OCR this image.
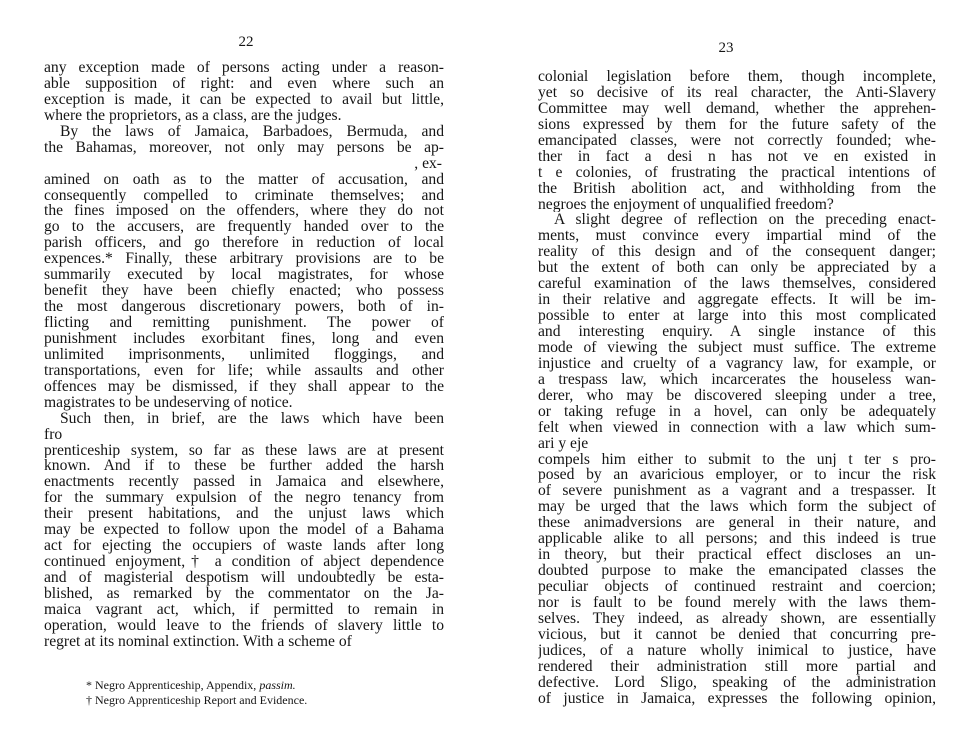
22
any exception made of persons acting under a reason-
able supposition of right: and even where such an
exception is made, it can be expected to avail but little,
where the proprietors, as a class, are the judges.
By the laws of Jamaica, Barbadoes, Bermuda, and
the Bahamas, moreover, not only may persons be ap-
, ex-
amined on oath as to the matter of accusation, and
consequently compelled to criminate themselves; and
the fines imposed on the offenders, where they do not
go to the accusers, are frequently handed over to the
parish officers, and go therefore in reduction of local
expences.* Finally, these arbitrary provisions are to be
summarily executed by local magistrates, for whose
benefit they have been chiefly enacted; who possess
the most dangerous discretionary powers, both of in-
flicting and remitting punishment. The power of
punishment includes exorbitant fines, long and even
unlimited imprisonments, unlimited floggings, and
transportations, even for life; while assaults and other
offences may be dismissed, if they shall appear to the
magistrates to be undeserving of notice.
Such then, in brief, are the laws which have been
fro
prenticeship system, so far as these laws are at present
known. And if to these be further added the harsh
enactments recently passed in Jamaica and elsewhere,
for the summary expulsion of the negro tenancy from
their present habitations, and the unjust laws which
may be expected to follow upon the model of a Bahama
act for ejecting the occupiers of waste lands after long
continued enjoyment,† a condition of abject dependence
and of magisterial despotism will undoubtedly be esta-
blished, as remarked by the commentator on the Ja-
maica vagrant act, which, if permitted to remain in
operation, would leave to the friends of slavery little to
regret at its nominal extinction. With a scheme of
* Negro Apprenticeship, Appendix, passim.
† Negro Apprenticeship Report and Evidence.
23
colonial legislation before them, though incomplete,
yet so decisive of its real character, the Anti-Slavery
Committee may well demand, whether the apprehen-
sions expressed by them for the future safety of the
emancipated classes, were not correctly founded; whe-
ther in fact a desi n has not ve en existed in
t e colonies, of frustrating the practical intentions of
the British abolition act, and withholding from the
negroes the enjoyment of unqualified freedom?
A slight degree of reflection on the preceding enact-
ments, must convince every impartial mind of the
reality of this design and of the consequent danger;
but the extent of both can only be appreciated by a
careful examination of the laws themselves, considered
in their relative and aggregate effects. It will be im-
possible to enter at large into this most complicated
and interesting enquiry. A single instance of this
mode of viewing the subject must suffice. The extreme
injustice and cruelty of a vagrancy law, for example, or
a trespass law, which incarcerates the houseless wan-
derer, who may be discovered sleeping under a tree,
or taking refuge in a hovel, can only be adequately
felt when viewed in connection with a law which sum-
ari y eje
compels him either to submit to the unj t ter s pro-
posed by an avaricious employer, or to incur the risk
of severe punishment as a vagrant and a trespasser. It
may be urged that the laws which form the subject of
these animadversions are general in their nature, and
applicable alike to all persons; and this indeed is true
in theory, but their practical effect discloses an un-
doubted purpose to make the emancipated classes the
peculiar objects of continued restraint and coercion;
nor is fault to be found merely with the laws them-
selves. They indeed, as already shown, are essentially
vicious, but it cannot be denied that concurring pre-
judices, of a nature wholly inimical to justice, have
rendered their administration still more partial and
defective. Lord Sligo, speaking of the administration
of justice in Jamaica, expresses the following opinion,
